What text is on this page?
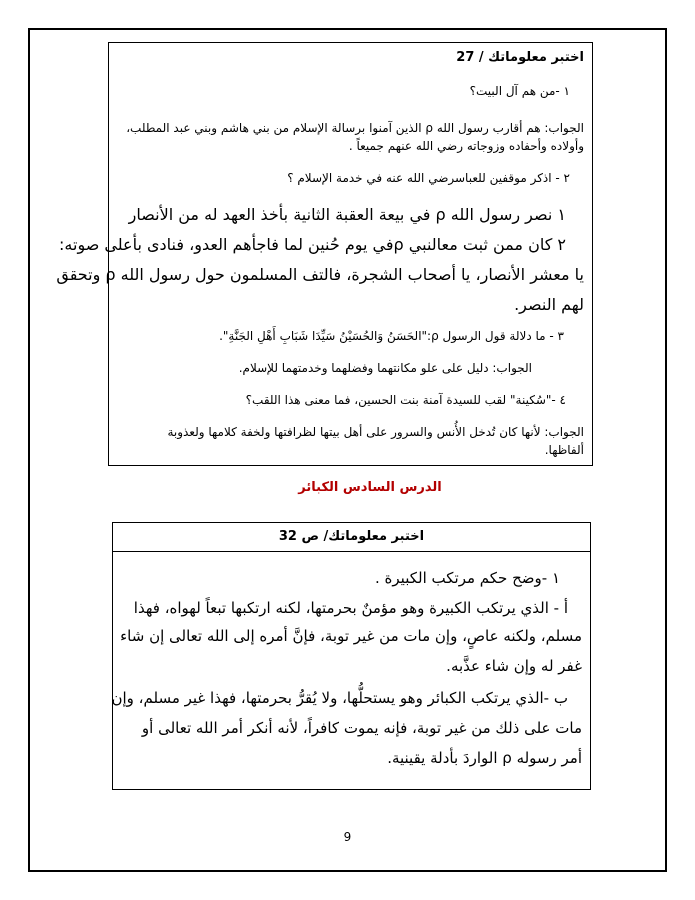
اختبر معلوماتك / 27
١ -من هم آل البيت؟
الجواب: هم أقارب رسول الله ρ الذين آمنوا برسالة الإسلام من بني هاشم وبني عبد المطلب،
وأولاده وأحفاده وزوجاته رضي الله عنهم جميعاً .
٢ - اذكر موقفين للعباسرضي الله عنه في خدمة الإسلام ؟
١ نصر رسول الله ρ في بيعة العقبة الثانية بأخذ العهد له من الأنصار
٢ كان ممن ثبت معالنبي ρفي يوم حُنين لما فاجأهم العدو، فنادى بأعلى صوته:
يا معشر الأنصار، يا أصحاب الشجرة، فالتف المسلمون حول رسول الله ρ وتحقق
لهم النصر.
٣ - ما دلالة قول الرسول ρ:"الحَسَنُ وَالحُسَيْنُ سَيِّدَا شَبَابِ أَهْلِ الجَنَّةِ".
الجواب: دليل على علو مكانتهما وفضلهما وخدمتهما للإسلام.
٤ -"سُكينة" لقب للسيدة آمنة بنت الحسين، فما معنى هذا اللقب؟
الجواب: لأنها كان تُدخل الأُنس والسرور على أهل بيتها لظرافتها ولخفة كلامها ولعذوبة
ألفاظها.
الدرس السادس الكبائر
اختبر معلوماتك/ ص 32
١ -وضح حكم مرتكب الكبيرة .
أ - الذي يرتكب الكبيرة وهو مؤمنٌ بحرمتها، لكنه ارتكبها تبعاً لهواه، فهذا
مسلم، ولكنه عاصٍ، وإن مات من غير توبة، فإنَّ أمره إلى الله تعالى إن شاء
غفر له وإن شاء عذَّبه.
ب -الذي يرتكب الكبائر وهو يستحلُّها، ولا يُقرُّ بحرمتها، فهذا غير مسلم، وإن
مات على ذلك من غير توبة، فإنه يموت كافراً، لأنه أنكر أمر الله تعالى أو
أمر رسوله ρ الواردَ بأدلة يقينية.
9
